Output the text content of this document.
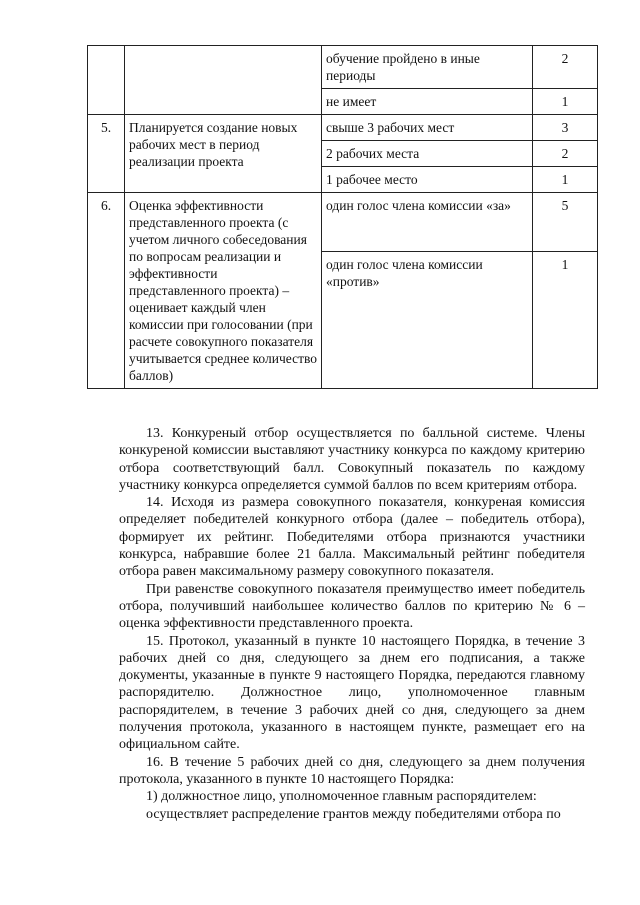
		обучение пройдено в иные периоды	2
		не имеет	1
5.	Планируется создание новых рабочих мест в период реализации проекта	свыше 3 рабочих мест	3
		2 рабочих места	2
		1 рабочее место	1
6.	Оценка эффективности представленного проекта (с учетом личного собеседования по вопросам реализации и эффективности представленного проекта) – оценивает каждый член комиссии при голосовании (при расчете совокупного показателя учитывается среднее количество баллов)	один голос члена комиссии «за»	5
		один голос члена комиссии «против»	1

13. Конкуреный отбор осуществляется по балльной системе. Члены конкуреной комиссии выставляют участнику конкурса по каждому критерию отбора соответствующий балл. Совокупный показатель по каждому участнику конкурса определяется суммой баллов по всем критериям отбора.

14. Исходя из размера совокупного показателя, конкуреная комиссия определяет победителей конкурного отбора (далее – победитель отбора), формирует их рейтинг. Победителями отбора признаются участники конкурса, набравшие более 21 балла. Максимальный рейтинг победителя отбора равен максимальному размеру совокупного показателя.

При равенстве совокупного показателя преимущество имеет победитель отбора, получивший наибольшее количество баллов по критерию № 6 – оценка эффективности представленного проекта.

15. Протокол, указанный в пункте 10 настоящего Порядка, в течение 3 рабочих дней со дня, следующего за днем его подписания, а также документы, указанные в пункте 9 настоящего Порядка, передаются главному распорядителю. Должностное лицо, уполномоченное главным распорядителем, в течение 3 рабочих дней со дня, следующего за днем получения протокола, указанного в настоящем пункте, размещает его на официальном сайте.

16. В течение 5 рабочих дней со дня, следующего за днем получения протокола, указанного в пункте 10 настоящего Порядка:

1) должностное лицо, уполномоченное главным распорядителем:

осуществляет распределение грантов между победителями отбора по
